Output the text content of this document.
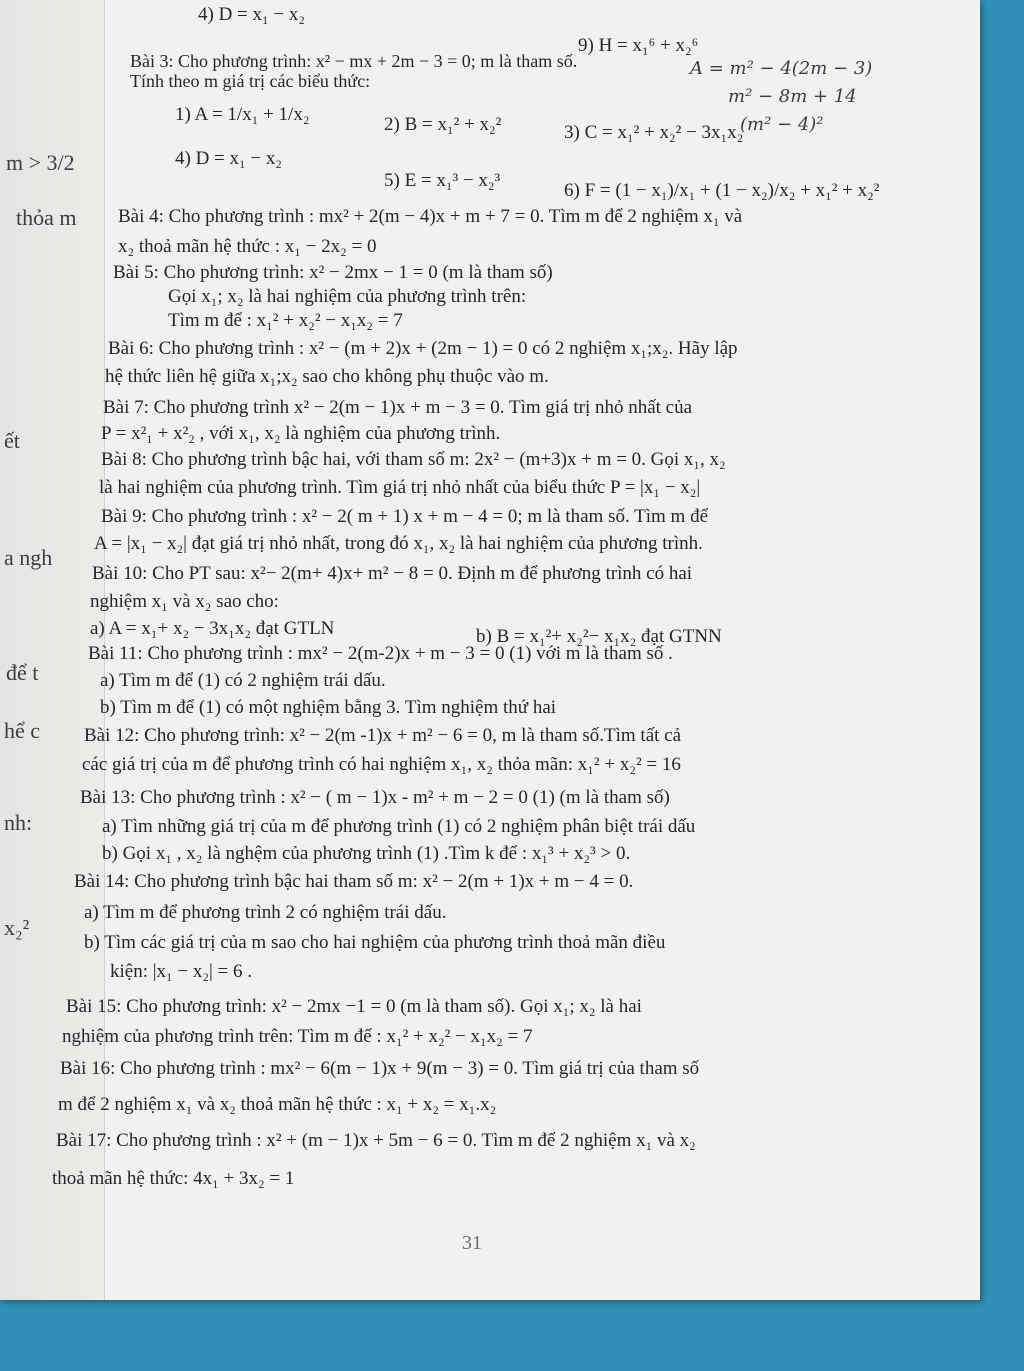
m > 3/2
thỏa m
ết
a ngh
để t
hể c
nh:
x₂²
4) D = x₁ − x₂
9) H = x₁⁶ + x₂⁶
Bài 3: Cho phương trình: x² − mx + 2m − 3 = 0; m là tham số.
Tính theo m giá trị các biểu thức:
1) A = 1/x₁ + 1/x₂	2) B = x₁² + x₂²	3) C = x₁² + x₂² − 3x₁x₂
4) D = x₁ − x₂
5) E = x₁³ − x₂³	6) F = (1 − x₁)/x₁ + (1 − x₂)/x₂ + x₁² + x₂²
Bài 4: Cho phương trình : mx² + 2(m − 4)x + m + 7 = 0. Tìm m để 2 nghiệm x₁ và
x₂ thoả mãn hệ thức : x₁ − 2x₂ = 0
Bài 5: Cho phương trình: x² − 2mx − 1 = 0 (m là tham số)
Gọi x₁; x₂ là hai nghiệm của phương trình trên:
Tìm m để : x₁² + x₂² − x₁x₂ = 7
Bài 6: Cho phương trình : x² − (m + 2)x + (2m − 1) = 0 có 2 nghiệm x₁;x₂. Hãy lập
hệ thức liên hệ giữa x₁;x₂ sao cho không phụ thuộc vào m.
Bài 7: Cho phương trình x² − 2(m − 1)x + m − 3 = 0. Tìm giá trị nhỏ nhất của
P = x²₁ + x²₂ , với x₁, x₂ là nghiệm của phương trình.
Bài 8: Cho phương trình bậc hai, với tham số m: 2x² − (m+3)x + m = 0. Gọi x₁, x₂
là hai nghiệm của phương trình. Tìm giá trị nhỏ nhất của biểu thức P = |x₁ − x₂|
Bài 9: Cho phương trình : x² − 2( m + 1) x + m − 4 = 0; m là tham số. Tìm m để
A = |x₁ − x₂| đạt giá trị nhỏ nhất, trong đó x₁, x₂ là hai nghiệm của phương trình.
Bài 10: Cho PT sau: x²− 2(m+ 4)x+ m² − 8 = 0. Định m để phương trình có hai
nghiệm x₁ và x₂ sao cho:
a) A = x₁+ x₂ − 3x₁x₂ đạt GTLN	b) B = x₁²+ x₂²− x₁x₂ đạt GTNN
Bài 11: Cho phương trình : mx² − 2(m-2)x + m − 3 = 0 (1) với m là tham số .
a) Tìm m để (1) có 2 nghiệm trái dấu.
b) Tìm m để (1) có một nghiệm bằng 3. Tìm nghiệm thứ hai
Bài 12: Cho phương trình: x² − 2(m -1)x + m² − 6 = 0, m là tham số.Tìm tất cả
các giá trị của m để phương trình có hai nghiệm x₁, x₂ thỏa mãn: x₁² + x₂² = 16
Bài 13: Cho phương trình : x² − ( m − 1)x - m² + m − 2 = 0 (1) (m là tham số)
a) Tìm những giá trị của m để phương trình (1) có 2 nghiệm phân biệt trái dấu
b) Gọi x₁ , x₂ là nghệm của phương trình (1) .Tìm k để : x₁³ + x₂³ > 0.
Bài 14: Cho phương trình bậc hai tham số m: x² − 2(m + 1)x + m − 4 = 0.
a) Tìm m để phương trình 2 có nghiệm trái dấu.
b) Tìm các giá trị của m sao cho hai nghiệm của phương trình thoả mãn điều
kiện: |x₁ − x₂| = 6 .
Bài 15: Cho phương trình: x² − 2mx −1 = 0 (m là tham số). Gọi x₁; x₂ là hai
nghiệm của phương trình trên: Tìm m để : x₁² + x₂² − x₁x₂ = 7
Bài 16: Cho phương trình : mx² − 6(m − 1)x + 9(m − 3) = 0. Tìm giá trị của tham số
m để 2 nghiệm x₁ và x₂ thoả mãn hệ thức : x₁ + x₂ = x₁.x₂
Bài 17: Cho phương trình : x² + (m − 1)x + 5m − 6 = 0. Tìm m để 2 nghiệm x₁ và x₂
thoả mãn hệ thức: 4x₁ + 3x₂ = 1
A = m² − 4(2m − 3)
m² − 8m + 14
(m² − 4)²
31
